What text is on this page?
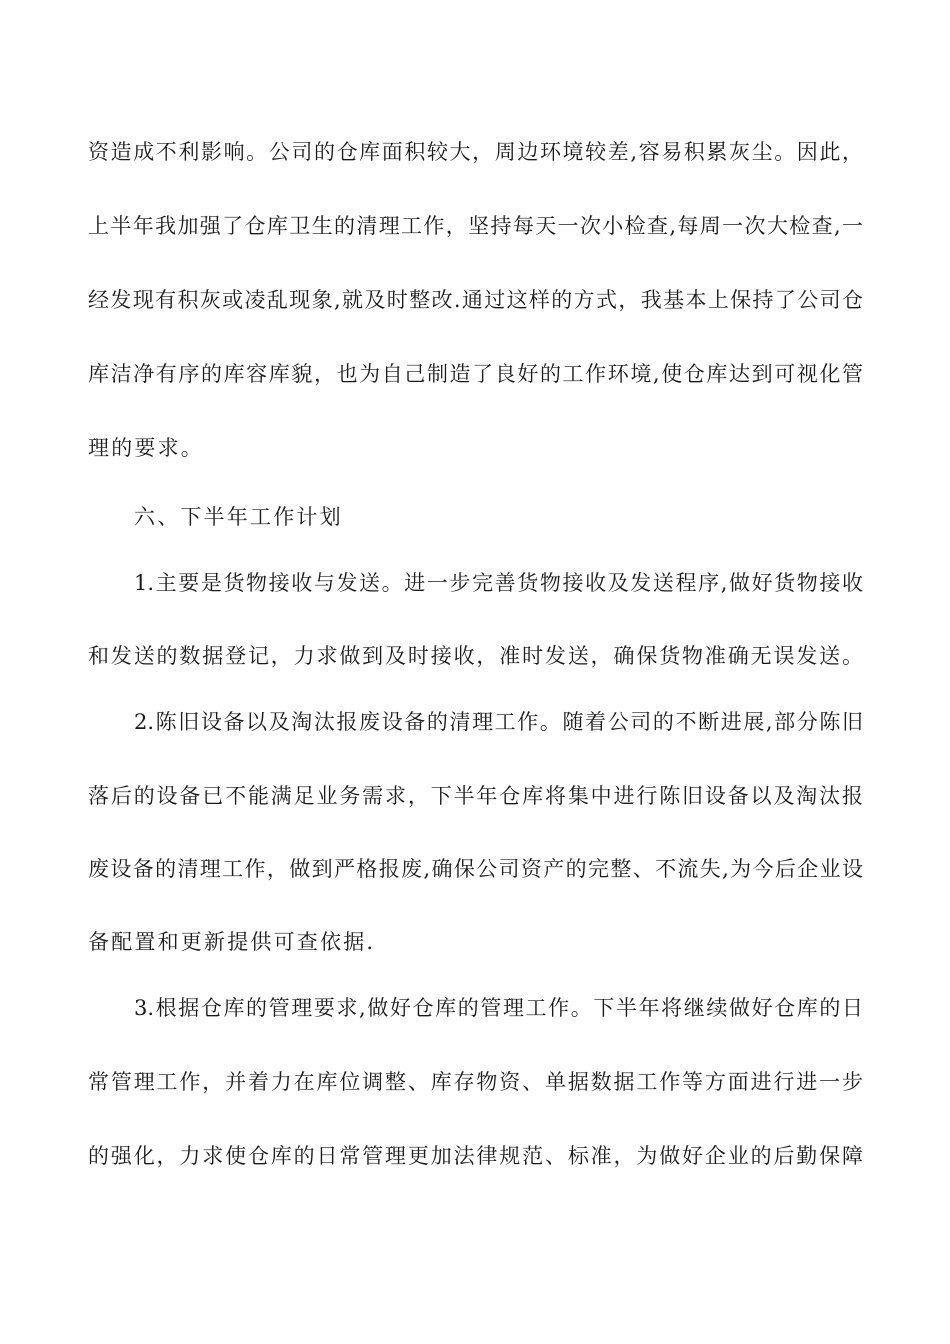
资造成不利影响。公司的仓库面积较大，周边环境较差,容易积累灰尘。因此，
上半年我加强了仓库卫生的清理工作，坚持每天一次小检查,每周一次大检查,一
经发现有积灰或凌乱现象,就及时整改.通过这样的方式，我基本上保持了公司仓
库洁净有序的库容库貌，也为自己制造了良好的工作环境,使仓库达到可视化管
理的要求。
六、下半年工作计划
1.主要是货物接收与发送。进一步完善货物接收及发送程序,做好货物接收
和发送的数据登记，力求做到及时接收，准时发送，确保货物准确无误发送。
2.陈旧设备以及淘汰报废设备的清理工作。随着公司的不断进展,部分陈旧
落后的设备已不能满足业务需求，下半年仓库将集中进行陈旧设备以及淘汰报
废设备的清理工作，做到严格报废,确保公司资产的完整、不流失,为今后企业设
备配置和更新提供可查依据.
3.根据仓库的管理要求,做好仓库的管理工作。下半年将继续做好仓库的日
常管理工作，并着力在库位调整、库存物资、单据数据工作等方面进行进一步
的强化，力求使仓库的日常管理更加法律规范、标准，为做好企业的后勤保障
